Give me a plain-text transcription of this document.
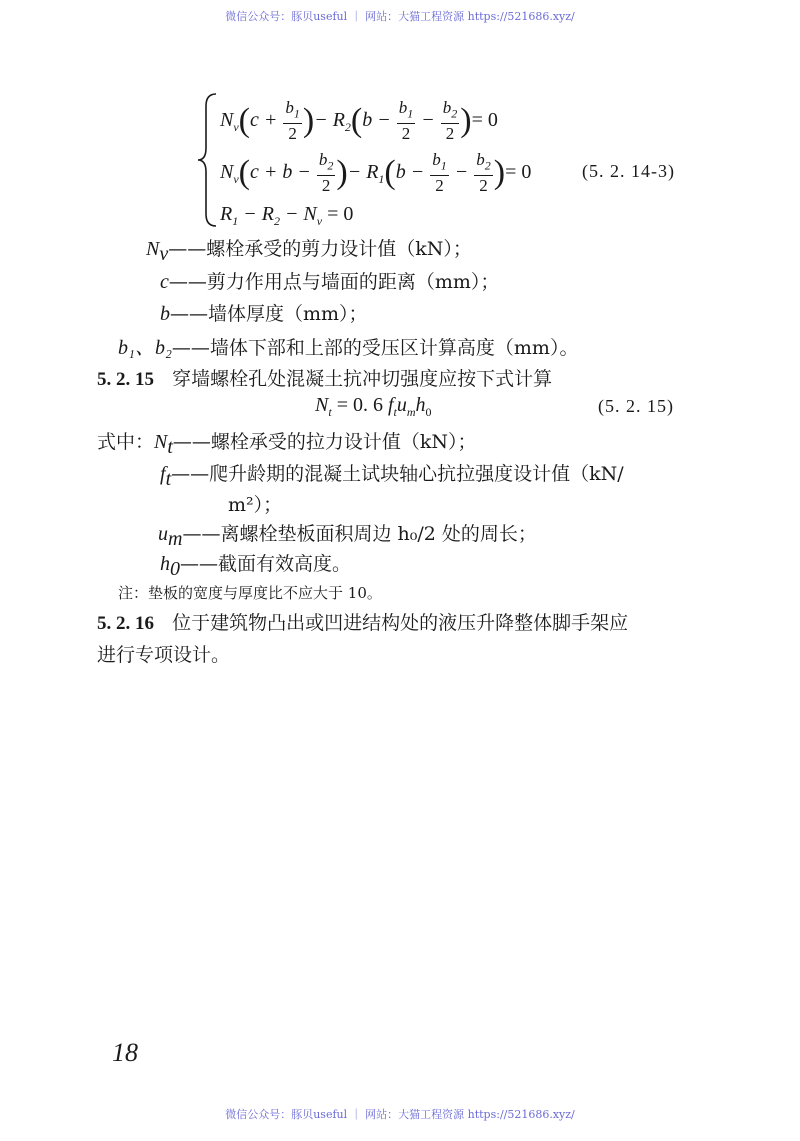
微信公众号：豚贝useful ｜ 网站：大猫工程资源 https://521686.xyz/
微信公众号：豚贝useful ｜ 网站：大猫工程资源 https://521686.xyz/
$N_v(c + \frac{b_1}{2}$ )− $R_2(b - \frac{b_1}{2} - \frac{b_2}{2}$ )= 0
$N_v(c + b - \frac{b_2}{2}$ )− $R_1(b - \frac{b_1}{2} - \frac{b_2}{2}$ )= 0	(5. 2. 14-3)
$R_1 - R_2 - N_v = 0$
$N_v——$螺栓承受的剪力设计值（kN）；
c——剪力作用点与墙面的距离（mm）；
b——墙体厚度（mm）；
b₁、b₂——墙体下部和上部的受压区计算高度（mm）。
5. 2. 15 穿墙螺栓孔处混凝土抗冲切强度应按下式计算
$N_t = 0$. 6 $f_tu_mh_0$	(5. 2. 15)
式中：$N_t——$螺栓承受的拉力设计值（kN）；
$f_t——$爬升龄期的混凝土试块轴心抗拉强度设计值（kN/
m²）；
$u_m——$离螺栓垫板面积周边 h₀/2 处的周长；
$h_0——$截面有效高度。
注：垫板的宽度与厚度比不应大于 10。
5. 2. 16 位于建筑物凸出或凹进结构处的液压升降整体脚手架应
进行专项设计。
18
